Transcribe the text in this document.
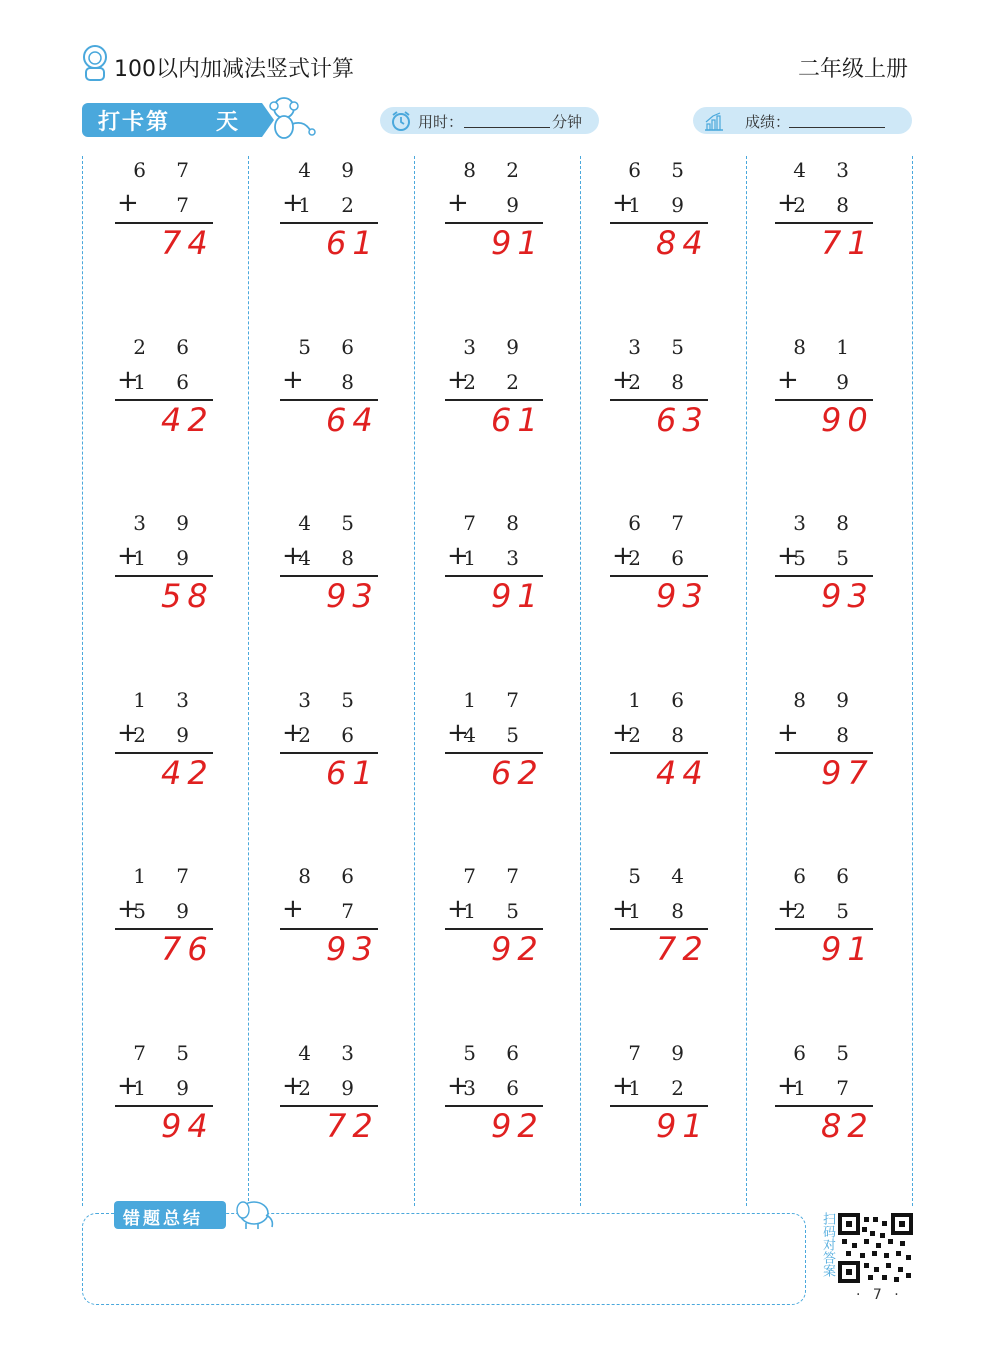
100以内加减法竖式计算	二年级上册
打卡第 天	用时：	分钟	成绩：
6 7
+ 7
74
4 9
+
1 2
61
8 2
+ 9
91
6 5
+
1 9
84
4 3
+
2 8
71
2 6
+
1 6
42
5 6
+ 8
64
3 9
+
2 2
61
3 5
+
2 8
63
8 1
+ 9
90
3 9
+
1 9
58
4 5
+
4 8
93
7 8
+
1 3
91
6 7
+
2 6
93
3 8
+
5 5
93
1 3
+
2 9
42
3 5
+
2 6
61
1 7
+
4 5
62
1 6
+
2 8
44
8 9
+ 8
97
1 7
+
5 9
76
8 6
+ 7
93
7 7
+
1 5
92
5 4
+
1 8
72
6 6
+
2 5
91
7 5
+
1 9
94
4 3
+
2 9
72
5 6
+
3 6
92
7 9
+
1 2
91
6 5
+
1 7
82
错题总结	扫码对答案
· 7 ·
